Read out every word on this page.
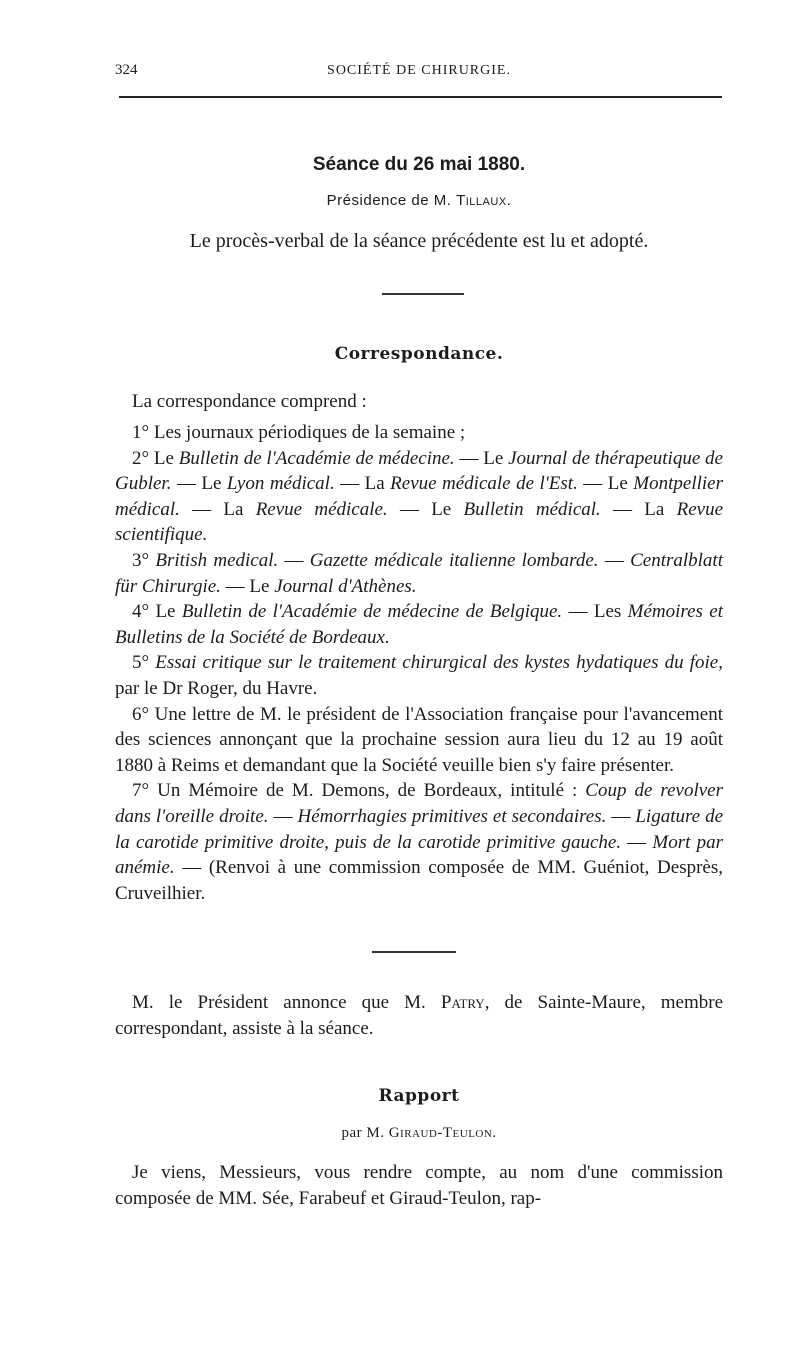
324	SOCIÉTÉ DE CHIRURGIE.
Séance du 26 mai 1880.
Présidence de M. Tillaux.
Le procès-verbal de la séance précédente est lu et adopté.
Correspondance.
La correspondance comprend :
1° Les journaux périodiques de la semaine ;
2° Le Bulletin de l'Académie de médecine. — Le Journal de thérapeutique de Gubler. — Le Lyon médical. — La Revue médicale de l'Est. — Le Montpellier médical. — La Revue médicale. — Le Bulletin médical. — La Revue scientifique.
3° British medical. — Gazette médicale italienne lombarde. — Centralblatt für Chirurgie. — Le Journal d'Athènes.
4° Le Bulletin de l'Académie de médecine de Belgique. — Les Mémoires et Bulletins de la Société de Bordeaux.
5° Essai critique sur le traitement chirurgical des kystes hydatiques du foie, par le Dr Roger, du Havre.
6° Une lettre de M. le président de l'Association française pour l'avancement des sciences annonçant que la prochaine session aura lieu du 12 au 19 août 1880 à Reims et demandant que la Société veuille bien s'y faire présenter.
7° Un Mémoire de M. Demons, de Bordeaux, intitulé : Coup de revolver dans l'oreille droite. — Hémorrhagies primitives et secondaires. — Ligature de la carotide primitive droite, puis de la carotide primitive gauche. — Mort par anémie. — (Renvoi à une commission composée de MM. Guéniot, Desprès, Cruveilhier.
M. le Président annonce que M. Patry, de Sainte-Maure, membre correspondant, assiste à la séance.
Rapport
par M. Giraud-Teulon.
Je viens, Messieurs, vous rendre compte, au nom d'une commission composée de MM. Sée, Farabeuf et Giraud-Teulon, rap-
